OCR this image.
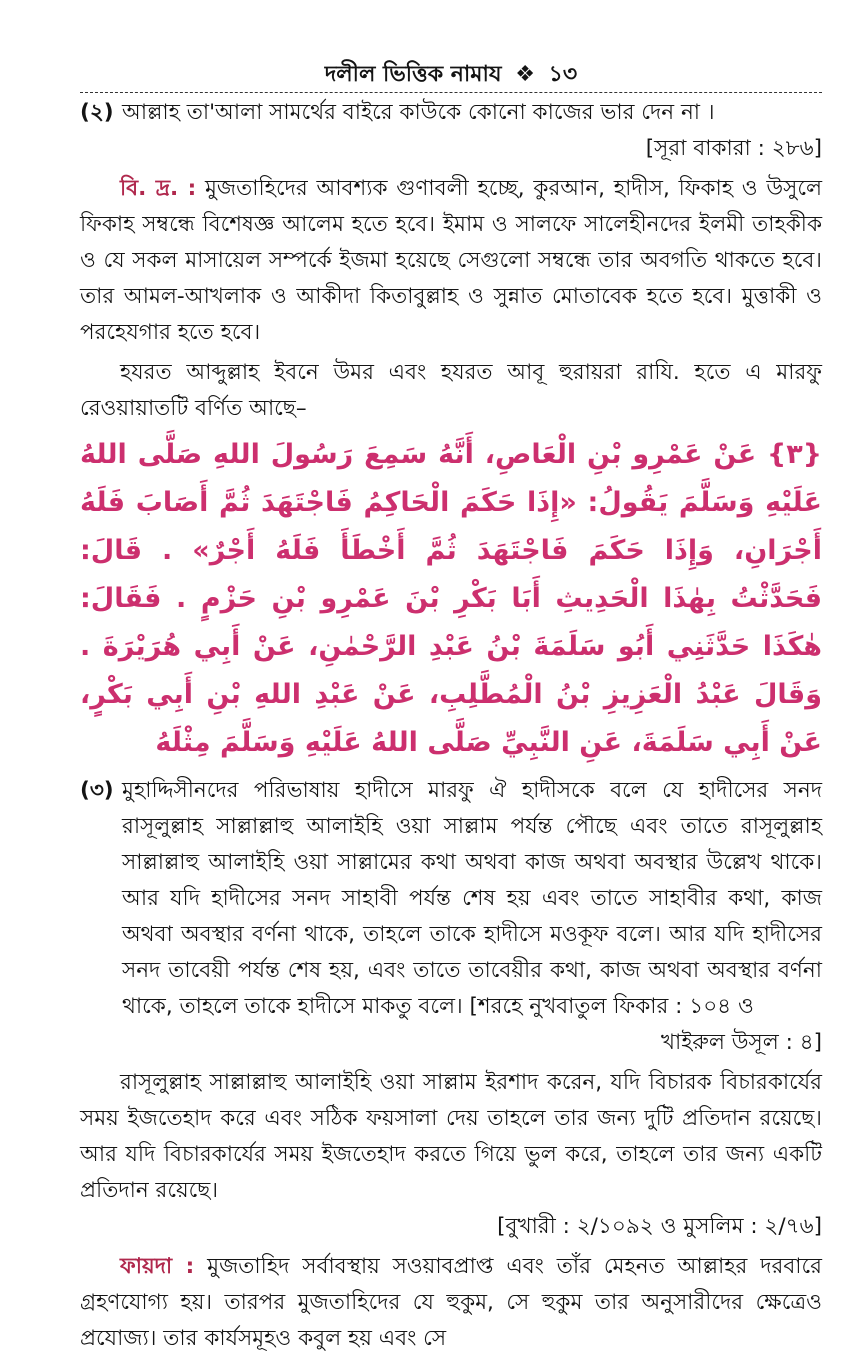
দলীল ভিত্তিক নামায ❖ ১৩
(২) আল্লাহ তা'আলা সামর্থের বাইরে কাউকে কোনো কাজের ভার দেন না ।
[সূরা বাকারা : ২৮৬]
বি. দ্র. : মুজতাহিদের আবশ্যক গুণাবলী হচ্ছে, কুরআন, হাদীস, ফিকাহ ও উসুলে ফিকাহ সম্বন্ধে বিশেষজ্ঞ আলেম হতে হবে। ইমাম ও সালফে সালেহীনদের ইলমী তাহকীক ও যে সকল মাসায়েল সম্পর্কে ইজমা হয়েছে সেগুলো সম্বন্ধে তার অবগতি থাকতে হবে। তার আমল-আখলাক ও আকীদা কিতাবুল্লাহ ও সুন্নাত মোতাবেক হতে হবে। মুত্তাকী ও পরহেযগার হতে হবে।
হযরত আব্দুল্লাহ ইবনে উমর এবং হযরত আবূ হুরায়রা রাযি. হতে এ মারফু রেওয়ায়াতটি বর্ণিত আছে–
{٣} عَنْ عَمْرِو بْنِ الْعَاصِ، أَنَّهُ سَمِعَ رَسُولَ اللهِ صَلَّى اللهُ عَلَيْهِ وَسَلَّمَ يَقُولُ: «إِذَا حَكَمَ الْحَاكِمُ فَاجْتَهَدَ ثُمَّ أَصَابَ فَلَهُ أَجْرَانِ، وَإِذَا حَكَمَ فَاجْتَهَدَ ثُمَّ أَخْطَأَ فَلَهُ أَجْرٌ» . قَالَ: فَحَدَّثْتُ بِهٰذَا الْحَدِيثِ أَبَا بَكْرِ بْنَ عَمْرِو بْنِ حَزْمٍ . فَقَالَ: هٰكَذَا حَدَّثَنِي أَبُو سَلَمَةَ بْنُ عَبْدِ الرَّحْمٰنِ، عَنْ أَبِي هُرَيْرَةَ . وَقَالَ عَبْدُ الْعَزِيزِ بْنُ الْمُطَّلِبِ، عَنْ عَبْدِ اللهِ بْنِ أَبِي بَكْرٍ، عَنْ أَبِي سَلَمَةَ، عَنِ النَّبِيِّ صَلَّى اللهُ عَلَيْهِ وَسَلَّمَ مِثْلَهُ
(৩) মুহাদ্দিসীনদের পরিভাষায় হাদীসে মারফু ঐ হাদীসকে বলে যে হাদীসের সনদ রাসূলুল্লাহ সাল্লাল্লাহু আলাইহি ওয়া সাল্লাম পর্যন্ত পৌছে এবং তাতে রাসূলুল্লাহ সাল্লাল্লাহু আলাইহি ওয়া সাল্লামের কথা অথবা কাজ অথবা অবস্থার উল্লেখ থাকে। আর যদি হাদীসের সনদ সাহাবী পর্যন্ত শেষ হয় এবং তাতে সাহাবীর কথা, কাজ অথবা অবস্থার বর্ণনা থাকে, তাহলে তাকে হাদীসে মওকূফ বলে। আর যদি হাদীসের সনদ তাবেয়ী পর্যন্ত শেষ হয়, এবং তাতে তাবেয়ীর কথা, কাজ অথবা অবস্থার বর্ণনা থাকে, তাহলে তাকে হাদীসে মাকতু বলে। [শরহে নুখবাতুল ফিকার : ১০৪ ও
খাইরুল উসূল : ৪]
রাসূলুল্লাহ সাল্লাল্লাহু আলাইহি ওয়া সাল্লাম ইরশাদ করেন, যদি বিচারক বিচারকার্যের সময় ইজতেহাদ করে এবং সঠিক ফয়সালা দেয় তাহলে তার জন্য দুটি প্রতিদান রয়েছে। আর যদি বিচারকার্যের সময় ইজতেহাদ করতে গিয়ে ভুল করে, তাহলে তার জন্য একটি প্রতিদান রয়েছে।
[বুখারী : ২/১০৯২ ও মুসলিম : ২/৭৬]
ফায়দা : মুজতাহিদ সর্বাবস্থায় সওয়াবপ্রাপ্ত এবং তাঁর মেহনত আল্লাহর দরবারে গ্রহণযোগ্য হয়। তারপর মুজতাহিদের যে হুকুম, সে হুকুম তার অনুসারীদের ক্ষেত্রেও প্রযোজ্য। তার কার্যসমূহও কবুল হয় এবং সে
